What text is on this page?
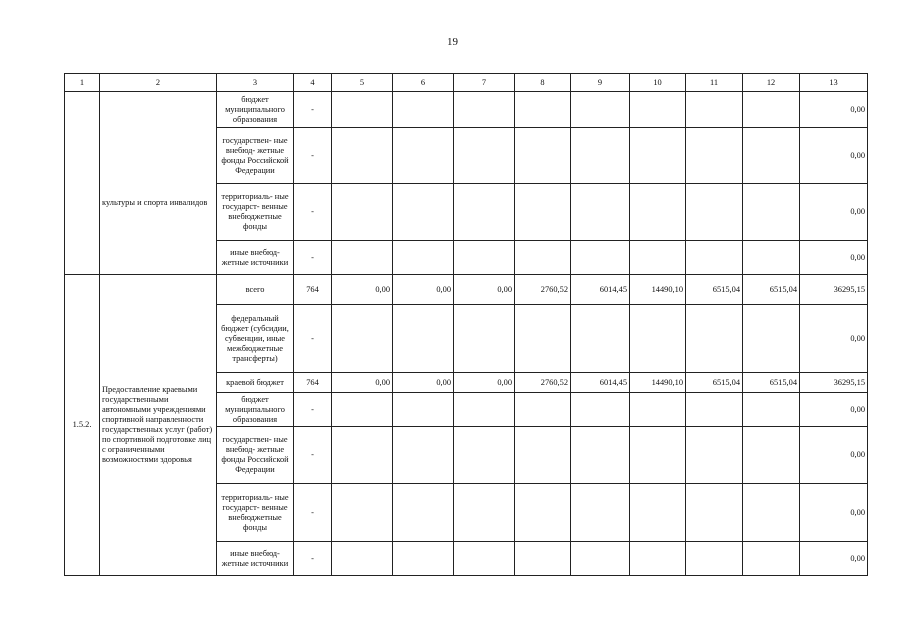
19
1	2	3	4	5	6	7	8	9	10	11	12	13
	культуры и спорта инвалидов	бюджет муниципального образования	-									0,00
		государствен- ные внебюд- жетные фонды Российской Федерации	-									0,00
		территориаль- ные государст- венные внебюджетные фонды	-									0,00
		иные внебюд- жетные источники	-									0,00
1.5.2.	Предоставление краевыми государственными автономными учреждениями спортивной направленности государственных услуг (работ) по спортивной подготовке лиц с ограниченными возможностями здоровья	всего	764	0,00	0,00	0,00	2760,52	6014,45	14490,10	6515,04	6515,04	36295,15
		федеральный бюджет (субсидии, субвенции, иные межбюджетные трансферты)	-									0,00
		краевой бюджет	764	0,00	0,00	0,00	2760,52	6014,45	14490,10	6515,04	6515,04	36295,15
		бюджет муниципального образования	-									0,00
		государствен- ные внебюд- жетные фонды Российской Федерации	-									0,00
		территориаль- ные государст- венные внебюджетные фонды	-									0,00
		иные внебюд- жетные источники	-									0,00
